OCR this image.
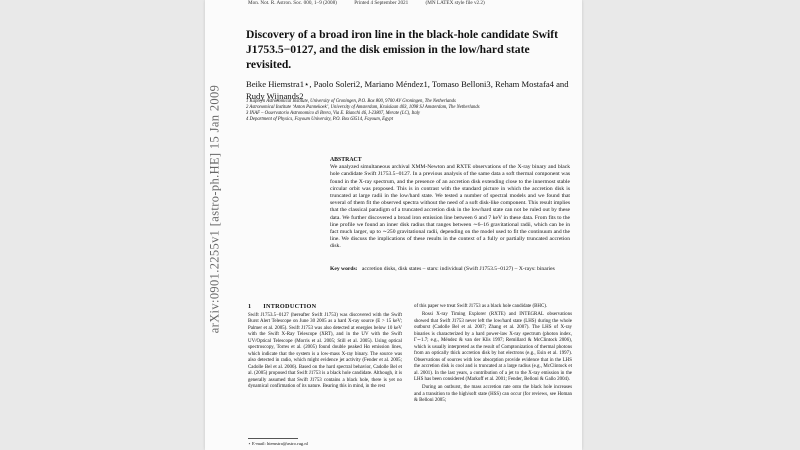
arXiv:0901.2255v1 [astro-ph.HE] 15 Jan 2009
Mon. Not. R. Astron. Soc. 000, 1–9 (2008)	Printed 4 September 2021	(MN LATEX style file v2.2)
Discovery of a broad iron line in the black-hole candidate Swift J1753.5−0127, and the disk emission in the low/hard state revisited.
Beike Hiemstra1⋆, Paolo Soleri2, Mariano Méndez1, Tomaso Belloni3, Reham Mostafa4 and Rudy Wijnands2
1 Kapteyn Astronomical Institute, University of Groningen, P.O. Box 800, 9700 AV Groningen, The Netherlands
2 Astronomical Institute ‘Anton Pannekoek’, University of Amsterdam, Kruislaan 403, 1098 SJ Amsterdam, The Netherlands
3 INAF – Osservatorio Astronomico di Brera, Via E. Bianchi 46, I-23807, Merate (LC), Italy
4 Department of Physics, Fayoum University, P.O. Box 63514, Fayoum, Egypt
ABSTRACT
We analyzed simultaneous archival XMM-Newton and RXTE observations of the X-ray binary and black hole candidate Swift J1753.5−0127. In a previous analysis of the same data a soft thermal component was found in the X-ray spectrum, and the presence of an accretion disk extending close to the innermost stable circular orbit was proposed. This is in contrast with the standard picture in which the accretion disk is truncated at large radii in the low/hard state. We tested a number of spectral models and we found that several of them fit the observed spectra without the need of a soft disk-like component. This result implies that the classical paradigm of a truncated accretion disk in the low/hard state can not be ruled out by these data. We further discovered a broad iron emission line between 6 and 7 keV in these data. From fits to the line profile we found an inner disk radius that ranges between ∼6–16 gravitational radii, which can be in fact much larger, up to ∼250 gravitational radii, depending on the model used to fit the continuum and the line. We discuss the implications of these results in the context of a fully or partially truncated accretion disk.
Key words: accretion disks, disk states – stars: individual (Swift J1753.5−0127) – X-rays: binaries
1 INTRODUCTION

Swift J1753.5−0127 (hereafter Swift J1753) was discovered with the Swift Burst Alert Telescope on June 30 2005 as a hard X-ray source (E > 15 keV; Palmer et al. 2005). Swift J1753 was also detected at energies below 10 keV with the Swift X-Ray Telescope (XRT), and in the UV with the Swift UV/Optical Telescope (Morris et al. 2005; Still et al. 2005). Using optical spectroscopy, Torres et al. (2005) found double peaked Hα emission lines, which indicate that the system is a low-mass X-ray binary. The source was also detected in radio, which might evidence jet activity (Fender et al. 2005; Cadolle Bel et al. 2006). Based on the hard spectral behavior, Cadolle Bel et al. (2005) proposed that Swift J1753 is a black hole candidate. Although, it is generally assumed that Swift J1753 contains a black hole, there is yet no dynamical confirmation of its nature. Bearing this in mind, in the rest

of this paper we treat Swift J1753 as a black hole candidate (BHC).

Rossi X-ray Timing Explorer (RXTE) and INTEGRAL observations showed that Swift J1753 never left the low/hard state (LHS) during the whole outburst (Cadolle Bel et al. 2007; Zhang et al. 2007). The LHS of X-ray binaries is characterized by a hard power-law X-ray spectrum (photon index, Γ∼1.7; e.g., Méndez & van der Klis 1997; Remillard & McClintock 2006), which is usually interpreted as the result of Comptonization of thermal photons from an optically thick accretion disk by hot electrons (e.g., Esin et al. 1997). Observations of sources with low absorption provide evidence that in the LHS the accretion disk is cool and is truncated at a large radius (e.g., McClintock et al. 2001). In the last years, a contribution of a jet to the X-ray emission in the LHS has been considered (Markoff et al. 2001; Fender, Belloni & Gallo 2004).

During an outburst, the mass accretion rate onto the black hole increases and a transition to the high/soft state (HSS) can occur (for reviews, see Homan & Belloni 2005;

⋆ E-mail: hiemstra@astro.rug.nl
